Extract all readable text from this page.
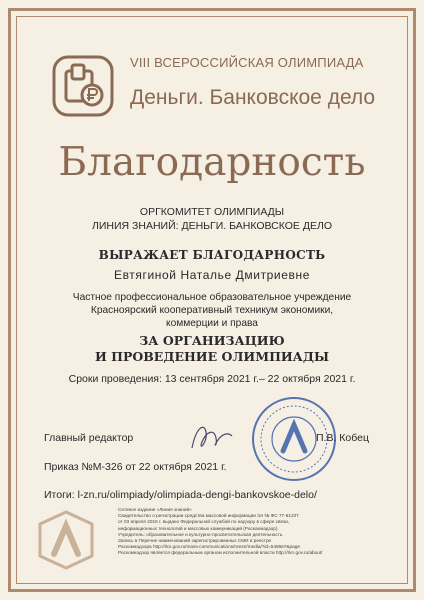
VIII ВСЕРОССИЙСКАЯ ОЛИМПИАДА
Деньги. Банковское дело
Благодарность
ОРГКОМИТЕТ ОЛИМПИАДЫ
ЛИНИЯ ЗНАНИЙ: ДЕНЬГИ. БАНКОВСКОЕ ДЕЛО
ВЫРАЖАЕТ БЛАГОДАРНОСТЬ
Евтягиной Наталье Дмитриевне
Частное профессиональное образовательное учреждение
Красноярский кооперативный техникум экономики,
коммерции и права
ЗА ОРГАНИЗАЦИЮ
И ПРОВЕДЕНИЕ ОЛИМПИАДЫ
Сроки проведения: 13 сентября 2021 г.– 22 октября 2021 г.
Главный редактор	П.В. Кобец
Приказ №М-326 от 22 октября 2021 г.
Итоги: l-zn.ru/olimpiady/olimpiada-dengi-bankovskoe-delo/
Сетевое издание «Линия знаний»
Свидетельство о регистрации средства массовой информации Эл № ФС 77-61237
от 03 апреля 2015 г. выдано Федеральной службой по надзору в сфере связи,
информационных технологий и массовых коммуникаций (Роскомнадзор).
Учредитель: образовательное и культурно-просветительская деятельность.
Запись в Перечне наименований зарегистрированных СМИ в реестре
Роскомнадзора http://rkn.gov.ru/mass-communications/reestr/media/?id=548667&page
Роскомнадзор является федеральным органом исполнительной власти http://rkn.gov.ru/about/
